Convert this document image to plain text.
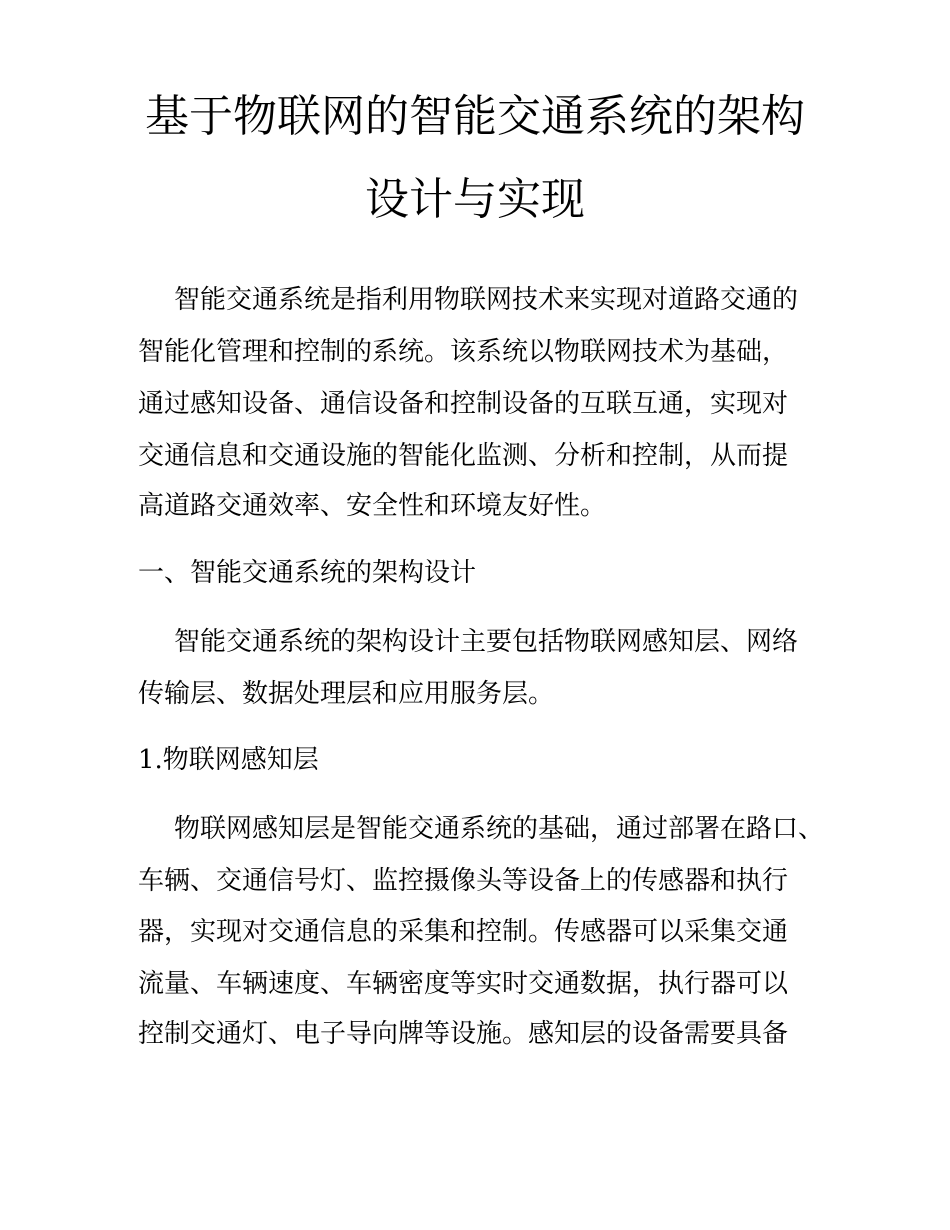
基于物联网的智能交通系统的架构
设计与实现
智能交通系统是指利用物联网技术来实现对道路交通的
智能化管理和控制的系统。该系统以物联网技术为基础，
通过感知设备、通信设备和控制设备的互联互通，实现对
交通信息和交通设施的智能化监测、分析和控制，从而提
高道路交通效率、安全性和环境友好性。
一、智能交通系统的架构设计
智能交通系统的架构设计主要包括物联网感知层、网络
传输层、数据处理层和应用服务层。
1.物联网感知层
物联网感知层是智能交通系统的基础，通过部署在路口、
车辆、交通信号灯、监控摄像头等设备上的传感器和执行
器，实现对交通信息的采集和控制。传感器可以采集交通
流量、车辆速度、车辆密度等实时交通数据，执行器可以
控制交通灯、电子导向牌等设施。感知层的设备需要具备
